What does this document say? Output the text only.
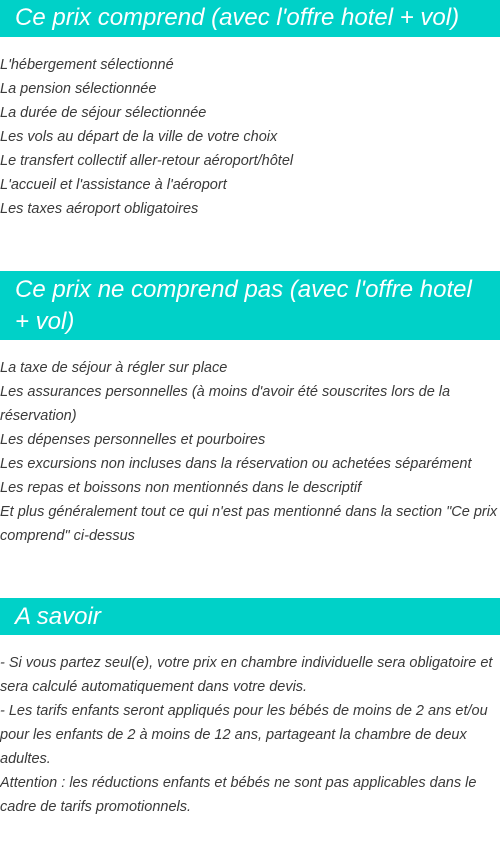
Ce prix comprend (avec l'offre hotel + vol)
L'hébergement sélectionné
La pension sélectionnée
La durée de séjour sélectionnée
Les vols au départ de la ville de votre choix
Le transfert collectif aller-retour aéroport/hôtel
L'accueil et l'assistance à l'aéroport
Les taxes aéroport obligatoires
Ce prix ne comprend pas (avec l'offre hotel + vol)
La taxe de séjour à régler sur place
Les assurances personnelles (à moins d'avoir été souscrites lors de la réservation)
Les dépenses personnelles et pourboires
Les excursions non incluses dans la réservation ou achetées séparément
Les repas et boissons non mentionnés dans le descriptif
Et plus généralement tout ce qui n'est pas mentionné dans la section "Ce prix comprend" ci-dessus
A savoir
- Si vous partez seul(e), votre prix en chambre individuelle sera obligatoire et sera calculé automatiquement dans votre devis.
- Les tarifs enfants seront appliqués pour les bébés de moins de 2 ans et/ou pour les enfants de 2 à moins de 12 ans, partageant la chambre de deux adultes.
Attention : les réductions enfants et bébés ne sont pas applicables dans le cadre de tarifs promotionnels.
